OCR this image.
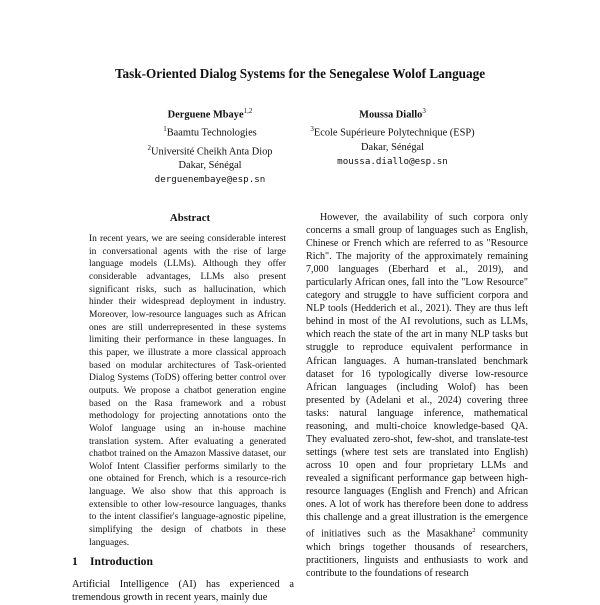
Task-Oriented Dialog Systems for the Senegalese Wolof Language
Derguene Mbaye$^{1,2}$
$^1$Baamtu Technologies
$^2$Université Cheikh Anta Diop
Dakar, Sénégal
derguenembaye@esp.sn
Moussa Diallo$^3$
$^3$Ecole Supérieure Polytechnique (ESP)
Dakar, Sénégal
moussa.diallo@esp.sn
Abstract
In recent years, we are seeing considerable interest in conversational agents with the rise of large language models (LLMs). Although they offer considerable advantages, LLMs also present significant risks, such as hallucination, which hinder their widespread deployment in industry. Moreover, low-resource languages such as African ones are still underrepresented in these systems limiting their performance in these languages. In this paper, we illustrate a more classical approach based on modular architectures of Task-oriented Dialog Systems (ToDS) offering better control over outputs. We propose a chatbot generation engine based on the Rasa framework and a robust methodology for projecting annotations onto the Wolof language using an in-house machine translation system. After evaluating a generated chatbot trained on the Amazon Massive dataset, our Wolof Intent Classifier performs similarly to the one obtained for French, which is a resource-rich language. We also show that this approach is extensible to other low-resource languages, thanks to the intent classifier's language-agnostic pipeline, simplifying the design of chatbots in these languages.
1 Introduction
Artificial Intelligence (AI) has experienced a tremendous growth in recent years, mainly due

However, the availability of such corpora only concerns a small group of languages such as English, Chinese or French which are referred to as "Resource Rich". The majority of the approximately remaining 7,000 languages (Eberhard et al., 2019), and particularly African ones, fall into the "Low Resource" category and struggle to have sufficient corpora and NLP tools (Hedderich et al., 2021). They are thus left behind in most of the AI revolutions, such as LLMs, which reach the state of the art in many NLP tasks but struggle to reproduce equivalent performance in African languages. A human-translated benchmark dataset for 16 typologically diverse low-resource African languages (including Wolof) has been presented by (Adelani et al., 2024) covering three tasks: natural language inference, mathematical reasoning, and multi-choice knowledge-based QA. They evaluated zero-shot, few-shot, and translate-test settings (where test sets are translated into English) across 10 open and four proprietary LLMs and revealed a significant performance gap between high-resource languages (English and French) and African ones. A lot of work has therefore been done to address this challenge and a great illustration is the emergence of initiatives such as the Masakhane$^2$ community which brings together thousands of researchers, practitioners, linguists and enthusiasts to work and contribute to the foundations of research
